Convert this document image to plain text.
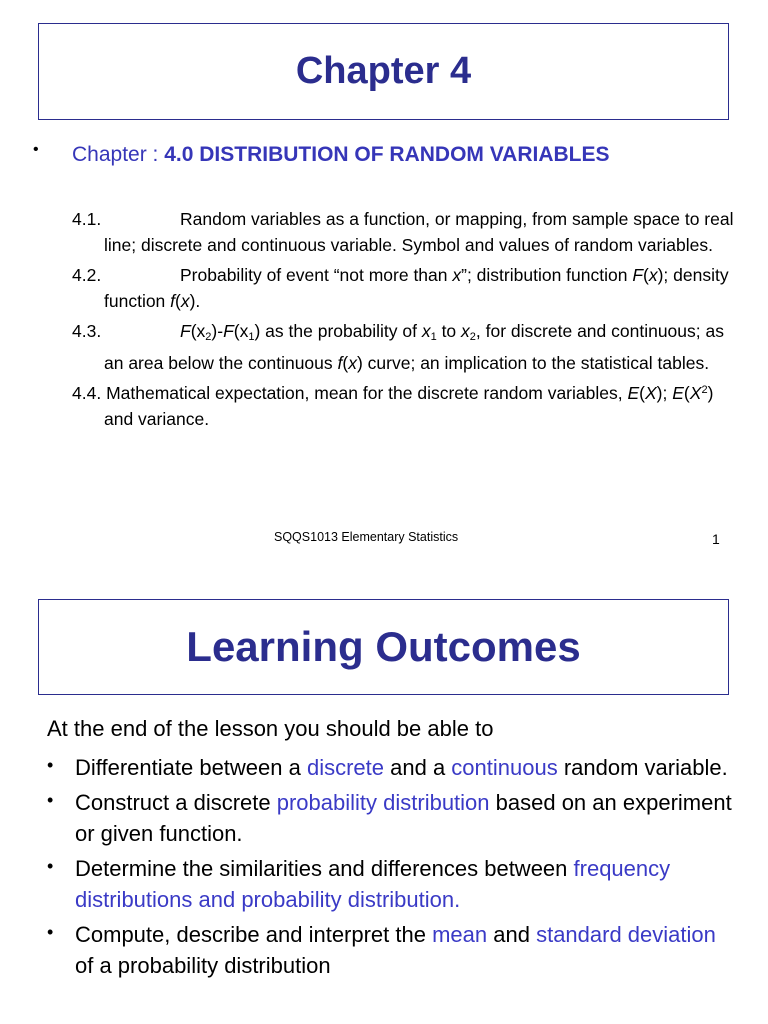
Chapter 4
• Chapter : 4.0 DISTRIBUTION OF RANDOM VARIABLES
4.1.	Random variables as a function, or mapping, from sample space to real line; discrete and continuous variable. Symbol and values of random variables.
4.2.	Probability of event “not more than x”; distribution function F(x); density function f(x).
4.3.	$F(x_2)-F(x_1)$ as the probability of $x_1$ to $x_2$, for discrete and continuous; as an area below the continuous f(x) curve; an implication to the statistical tables.
4.4. Mathematical expectation, mean for the discrete random variables, E(X); $E(X^2)$ and variance.
SQQS1013 Elementary Statistics	1
Learning Outcomes
At the end of the lesson you should be able to
• Differentiate between a discrete and a continuous random variable.
• Construct a discrete probability distribution based on an experiment or given function.
• Determine the similarities and differences between frequency distributions and probability distribution.
• Compute, describe and interpret the mean and standard deviation of a probability distribution
